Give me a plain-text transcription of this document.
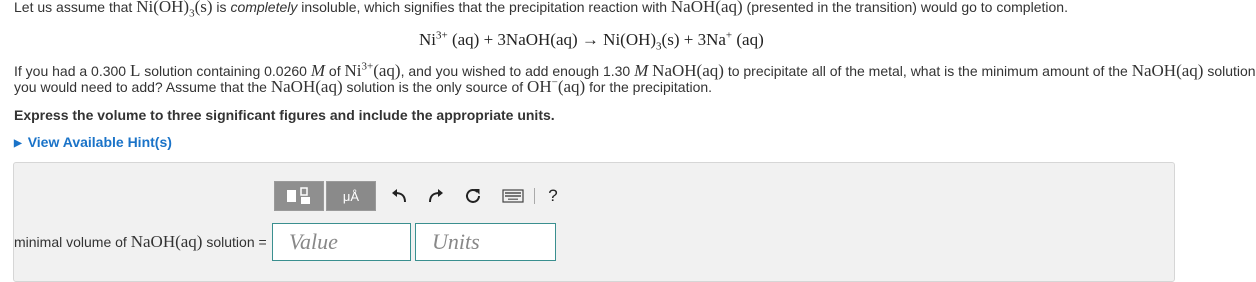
Let us assume that $Ni(OH)_3(s)$ is completely insoluble, which signifies that the precipitation reaction with NaOH(aq) (presented in the transition) would go to completion.
$Ni^{3+}$ (aq) + 3NaOH(aq) → $Ni(OH)_3(s) + 3Na^+$ (aq)
If you had a 0.300 L solution containing 0.0260 M of $Ni^{3+}(aq)$, and you wished to add enough 1.30 M NaOH(aq) to precipitate all of the metal, what is the minimum amount of the NaOH(aq) solution
you would need to add? Assume that the NaOH(aq) solution is the only source of OH−(aq) for the precipitation.
Express the volume to three significant figures and include the appropriate units.
▶ View Available Hint(s)
μÅ	?
minimal volume of NaOH(aq) solution =	Value	Units
